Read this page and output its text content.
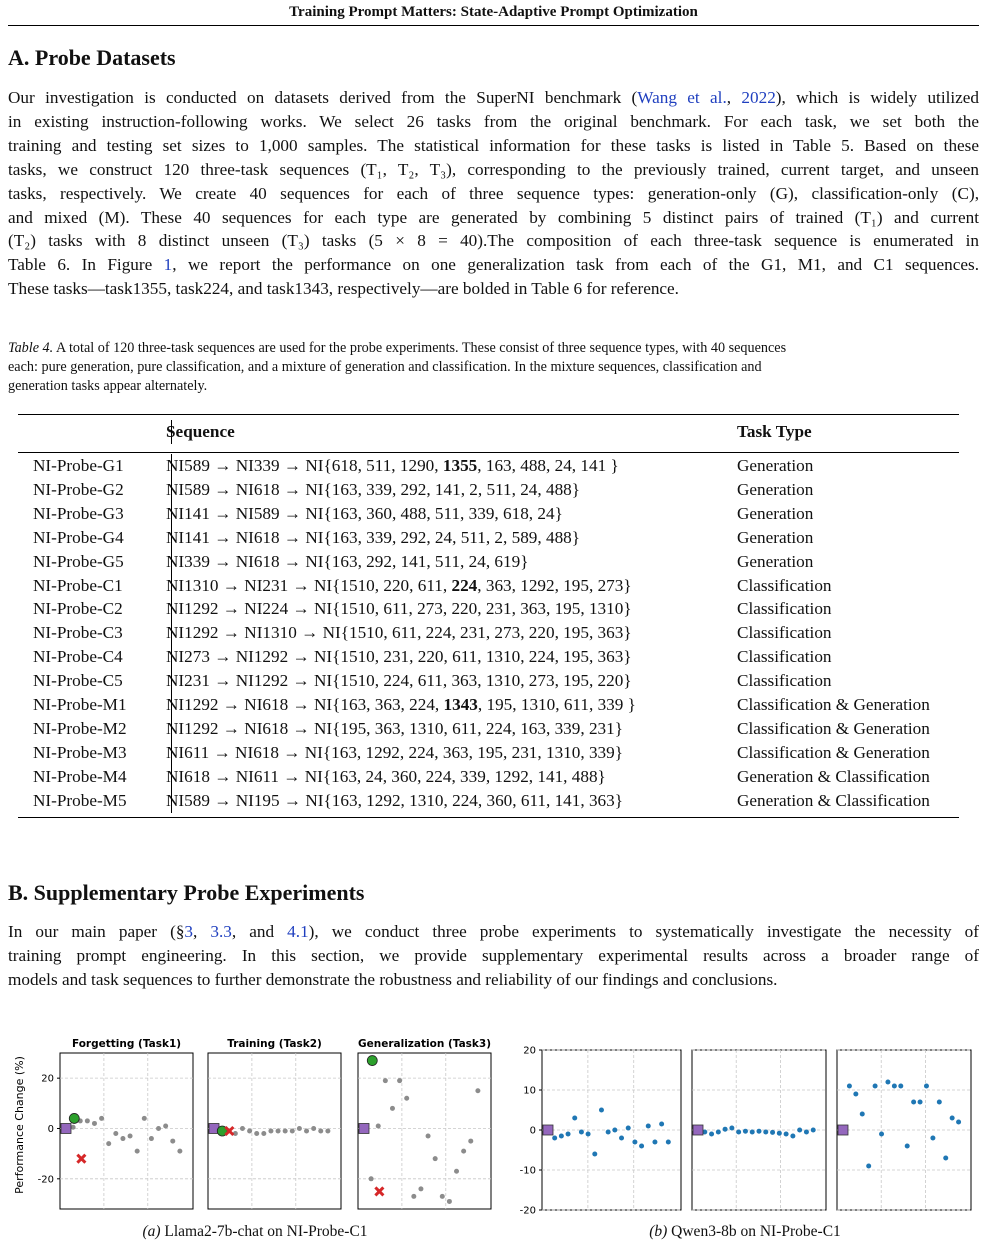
Training Prompt Matters: State-Adaptive Prompt Optimization
A. Probe Datasets
Our investigation is conducted on datasets derived from the SuperNI benchmark (Wang et al., 2022), which is widely utilized
in existing instruction-following works. We select 26 tasks from the original benchmark. For each task, we set both the
training and testing set sizes to 1,000 samples. The statistical information for these tasks is listed in Table 5. Based on these
tasks, we construct 120 three-task sequences (T₁, T₂, T₃), corresponding to the previously trained, current target, and unseen
tasks, respectively. We create 40 sequences for each of three sequence types: generation-only (G), classification-only (C),
and mixed (M). These 40 sequences for each type are generated by combining 5 distinct pairs of trained (T₁) and current
(T₂) tasks with 8 distinct unseen (T₃) tasks (5 × 8 = 40).The composition of each three-task sequence is enumerated in
Table 6. In Figure 1, we report the performance on one generalization task from each of the G1, M1, and C1 sequences.
These tasks—task1355, task224, and task1343, respectively—are bolded in Table 6 for reference.
Table 4. A total of 120 three-task sequences are used for the probe experiments. These consist of three sequence types, with 40 sequences
each: pure generation, pure classification, and a mixture of generation and classification. In the mixture sequences, classification and
generation tasks appear alternately.
Sequence	Task Type
NI-Probe-G1 NI589 → NI339 → NI{618, 511, 1290, 1355, 163, 488, 24, 141 }	Generation
NI-Probe-G2 NI589 → NI618 → NI{163, 339, 292, 141, 2, 511, 24, 488}	Generation
NI-Probe-G3 NI141 → NI589 → NI{163, 360, 488, 511, 339, 618, 24}	Generation
NI-Probe-G4 NI141 → NI618 → NI{163, 339, 292, 24, 511, 2, 589, 488}	Generation
NI-Probe-G5 NI339 → NI618 → NI{163, 292, 141, 511, 24, 619}	Generation
NI-Probe-C1	NI1310 → NI231 → NI{1510, 220, 611, 224, 363, 1292, 195, 273}	Classification
NI-Probe-C2	NI1292 → NI224 → NI{1510, 611, 273, 220, 231, 363, 195, 1310}	Classification
NI-Probe-C3	NI1292 → NI1310 → NI{1510, 611, 224, 231, 273, 220, 195, 363}	Classification
NI-Probe-C4	NI273 → NI1292 → NI{1510, 231, 220, 611, 1310, 224, 195, 363}	Classification
NI-Probe-C5	NI231 → NI1292 → NI{1510, 224, 611, 363, 1310, 273, 195, 220}	Classification
NI-Probe-M1 NI1292 → NI618 → NI{163, 363, 224, 1343, 195, 1310, 611, 339 }	Classification & Generation
NI-Probe-M2 NI1292 → NI618 → NI{195, 363, 1310, 611, 224, 163, 339, 231}	Classification & Generation
NI-Probe-M3 NI611 → NI618 → NI{163, 1292, 224, 363, 195, 231, 1310, 339}	Classification & Generation
NI-Probe-M4 NI618 → NI611 → NI{163, 24, 360, 224, 339, 1292, 141, 488}	Generation & Classification
NI-Probe-M5 NI589 → NI195 → NI{163, 1292, 1310, 224, 360, 611, 141, 363}	Generation & Classification
B. Supplementary Probe Experiments
In our main paper (§3, 3.3, and 4.1), we conduct three probe experiments to systematically investigate the necessity of
training prompt engineering. In this section, we provide supplementary experimental results across a broader range of
models and task sequences to further demonstrate the robustness and reliability of our findings and conclusions.
Performance Change (%) 20
0
-20
Forgetting (Task1)	Training (Task2)	Generalization (Task3)
20
10
0
-10
-20
(a) Llama2-7b-chat on NI-Probe-C1	(b) Qwen3-8b on NI-Probe-C1
